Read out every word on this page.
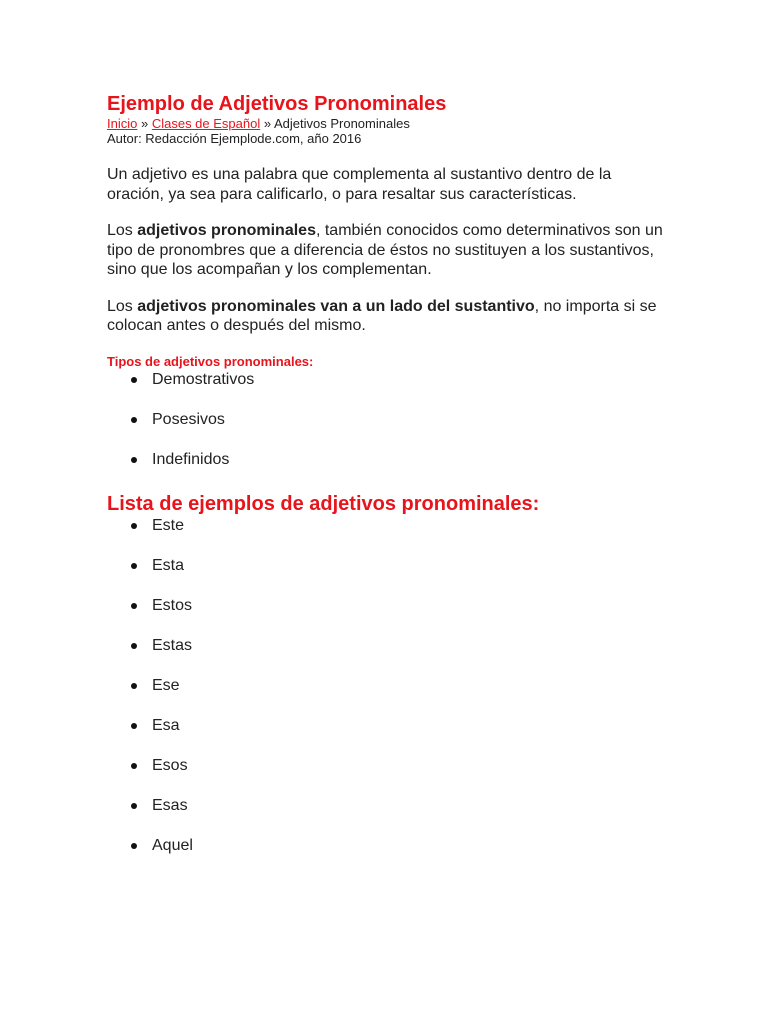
Ejemplo de Adjetivos Pronominales

Inicio » Clases de Español » Adjetivos Pronominales

Autor: Redacción Ejemplode.com, año 2016

Un adjetivo es una palabra que complementa al sustantivo dentro de la oración, ya sea para calificarlo, o para resaltar sus características.

Los adjetivos pronominales, también conocidos como determinativos son un tipo de pronombres que a diferencia de éstos no sustituyen a los sustantivos, sino que los acompañan y los complementan.

Los adjetivos pronominales van a un lado del sustantivo, no importa si se colocan antes o después del mismo.

Tipos de adjetivos pronominales:
Demostrativos
Posesivos
Indefinidos
Lista de ejemplos de adjetivos pronominales:
Este
Esta
Estos
Estas
Ese
Esa
Esos
Esas
Aquel
